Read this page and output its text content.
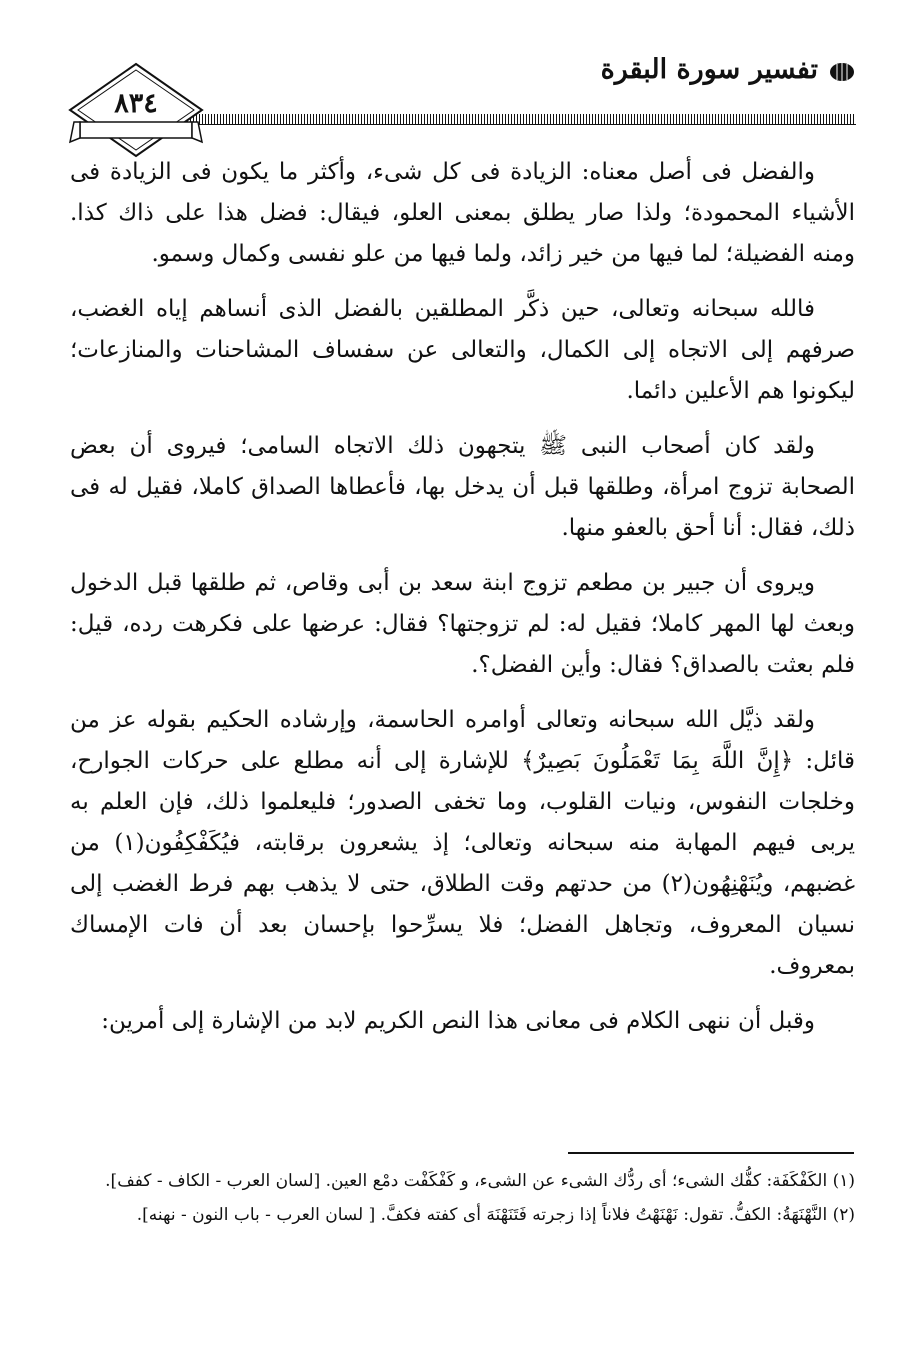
تفسير سورة البقرة
٨٣٤

والفضل فى أصل معناه: الزيادة فى كل شىء، وأكثر ما يكون فى الزيادة فى الأشياء المحمودة؛ ولذا صار يطلق بمعنى العلو، فيقال: فضل هذا على ذاك كذا. ومنه الفضيلة؛ لما فيها من خير زائد، ولما فيها من علو نفسى وكمال وسمو.

فالله سبحانه وتعالى، حين ذكَّر المطلقين بالفضل الذى أنساهم إياه الغضب، صرفهم إلى الاتجاه إلى الكمال، والتعالى عن سفساف المشاحنات والمنازعات؛ ليكونوا هم الأعلين دائما.

ولقد كان أصحاب النبى ﷺ يتجهون ذلك الاتجاه السامى؛ فيروى أن بعض الصحابة تزوج امرأة، وطلقها قبل أن يدخل بها، فأعطاها الصداق كاملا، فقيل له فى ذلك، فقال: أنا أحق بالعفو منها.

ويروى أن جبير بن مطعم تزوج ابنة سعد بن أبى وقاص، ثم طلقها قبل الدخول وبعث لها المهر كاملا؛ فقيل له: لم تزوجتها؟ فقال: عرضها على فكرهت رده، قيل: فلم بعثت بالصداق؟ فقال: وأين الفضل؟.

ولقد ذيَّل الله سبحانه وتعالى أوامره الحاسمة، وإرشاده الحكيم بقوله عز من قائل: ﴿إِنَّ اللَّهَ بِمَا تَعْمَلُونَ بَصِيرٌ﴾ للإشارة إلى أنه مطلع على حركات الجوارح، وخلجات النفوس، ونيات القلوب، وما تخفى الصدور؛ فليعلموا ذلك، فإن العلم به يربى فيهم المهابة منه سبحانه وتعالى؛ إذ يشعرون برقابته، فيُكَفْكِفُون(١) من غضبهم، ويُنَهْنِهُون(٢) من حدتهم وقت الطلاق، حتى لا يذهب بهم فرط الغضب إلى نسيان المعروف، وتجاهل الفضل؛ فلا يسرِّحوا بإحسان بعد أن فات الإمساك بمعروف.

وقبل أن ننهى الكلام فى معانى هذا النص الكريم لابد من الإشارة إلى أمرين:

(١) الكَفْكَفَة: كفُّك الشىء؛ أى ردُّك الشىء عن الشىء، و كَفْكَفْت دمْع العين. [لسان العرب - الكاف - كفف].

(٢) النَّهْنَهَةُ: الكفُّ. تقول: نَهْنَهْتُ فلاناً إذا زجرته فَتَنَهْنَهَ أى كفته فكفَّ. [ لسان العرب - باب النون - نهنه].
